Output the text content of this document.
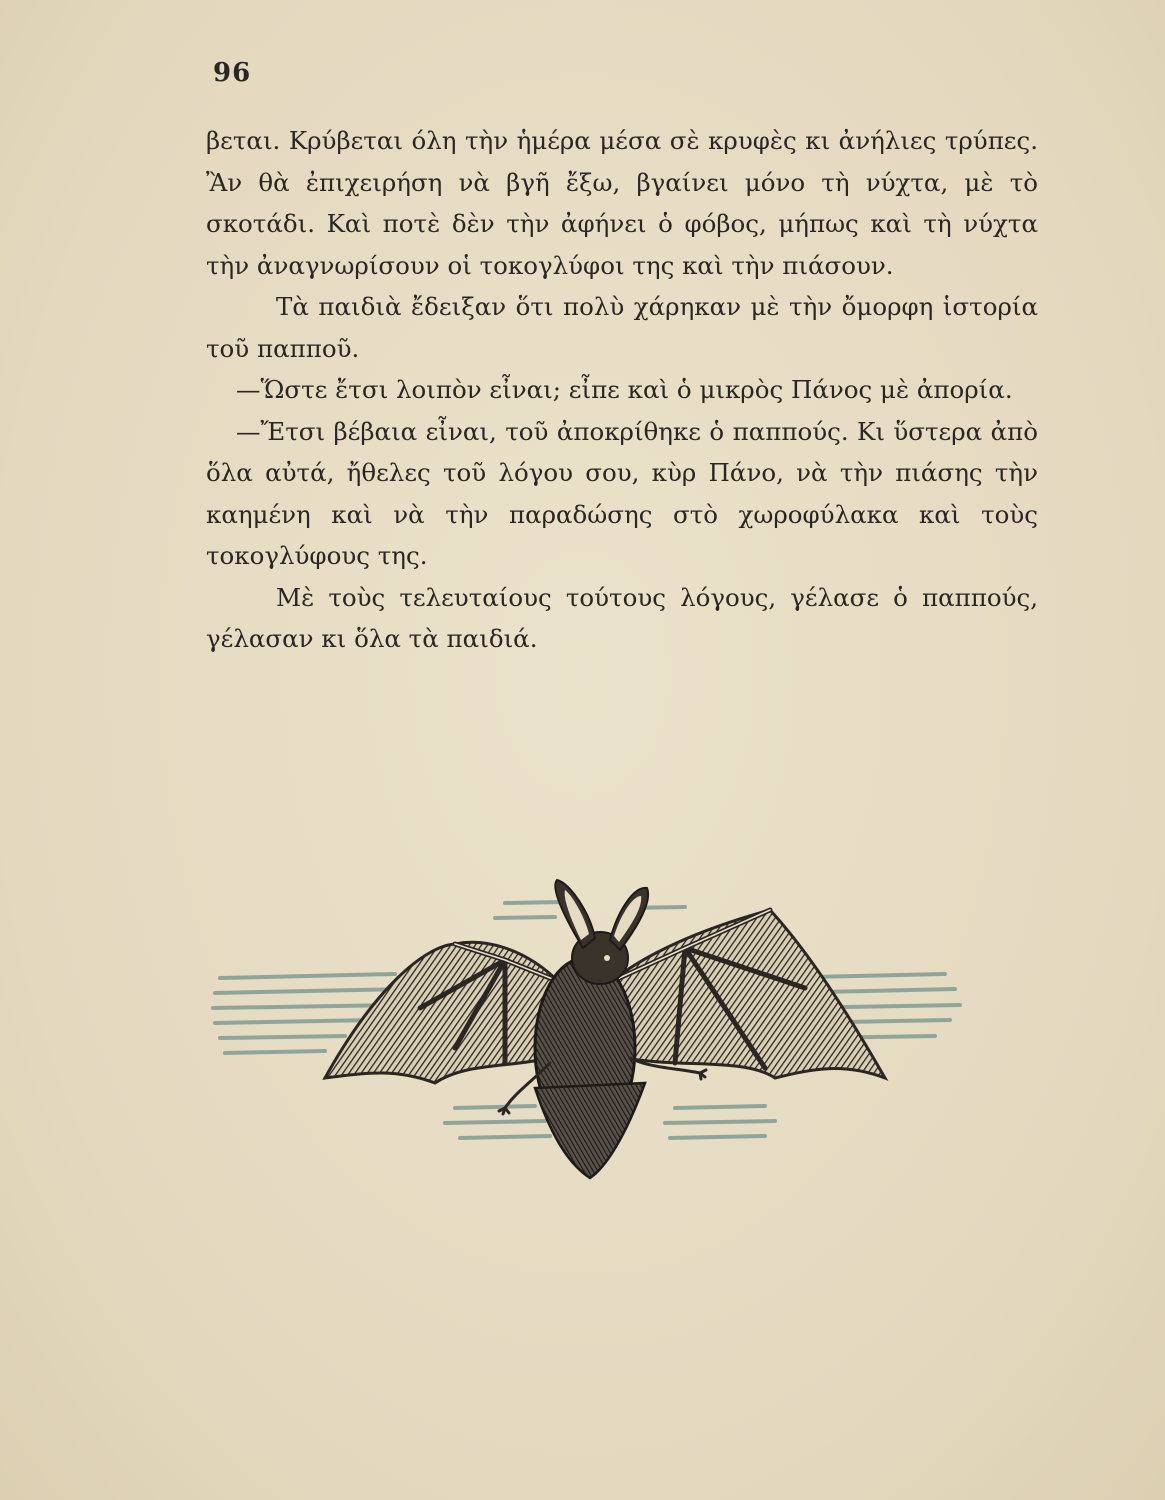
96

βεται. Κρύβεται όλη τὴν ἡμέρα μέσα σὲ κρυφὲς κι ἀνήλιες τρύπες. Ἂν θὰ ἐπιχειρήση νὰ βγῆ ἔξω, βγαίνει μόνο τὴ νύχτα, μὲ τὸ σκοτάδι. Καὶ ποτὲ δὲν τὴν ἀφήνει ὁ φόβος, μήπως καὶ τὴ νύχτα τὴν ἀναγνωρίσουν οἱ τοκογλύφοι της καὶ τὴν πιάσουν.

Τὰ παιδιὰ ἔδειξαν ὅτι πολὺ χάρηκαν μὲ τὴν ὄμορφη ἱστορία τοῦ παπποῦ.

—Ὥστε ἔτσι λοιπὸν εἶναι; εἶπε καὶ ὁ μικρὸς Πάνος μὲ ἀπορία.

—Ἔτσι βέβαια εἶναι, τοῦ ἀποκρίθηκε ὁ παππούς. Κι ὕστερα ἀπὸ ὅλα αὐτά, ἤθελες τοῦ λόγου σου, κὺρ Πάνο, νὰ τὴν πιάσης τὴν καημένη καὶ νὰ τὴν παραδώσης στὸ χωροφύλακα καὶ τοὺς τοκογλύφους της.

Μὲ τοὺς τελευταίους τούτους λόγους, γέλασε ὁ παππούς, γέλασαν κι ὅλα τὰ παιδιά.
